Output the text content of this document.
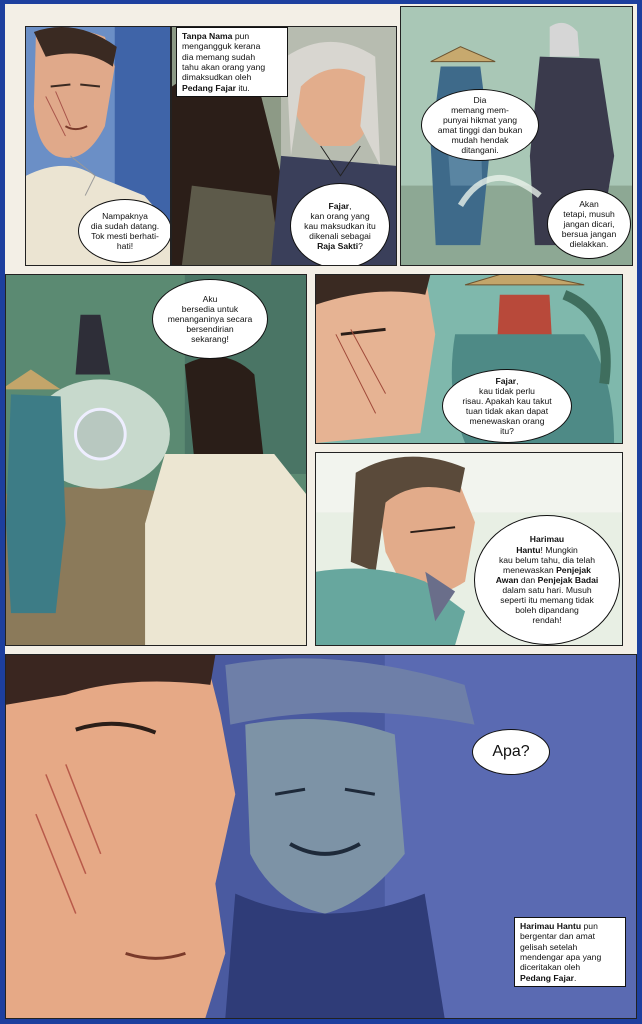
Nampaknya
dia sudah datang.
Tok mesti berhati-
hati!
Tanpa Nama pun
mengangguk kerana
dia memang sudah
tahu akan orang yang
dimaksudkan oleh
Pedang Fajar itu.
Fajar,
kan orang yang
kau maksudkan itu
dikenali sebagai
Raja Sakti?
Dia
memang mem-
punyai hikmat yang
amat tinggi dan bukan
mudah hendak
ditangani.
Akan
tetapi, musuh
jangan dicari,
bersua jangan
dielakkan.
Aku
bersedia untuk
menanganinya secara
bersendirian
sekarang!
Fajar,
kau tidak perlu
risau. Apakah kau takut
tuan tidak akan dapat
menewaskan orang
itu?
Harimau
Hantu! Mungkin
kau belum tahu, dia telah
menewaskan Penjejak
Awan dan Penjejak Badai
dalam satu hari. Musuh
seperti itu memang tidak
boleh dipandang
rendah!
Apa?
Harimau Hantu pun
bergentar dan amat
gelisah setelah
mendengar apa yang
diceritakan oleh
Pedang Fajar.
